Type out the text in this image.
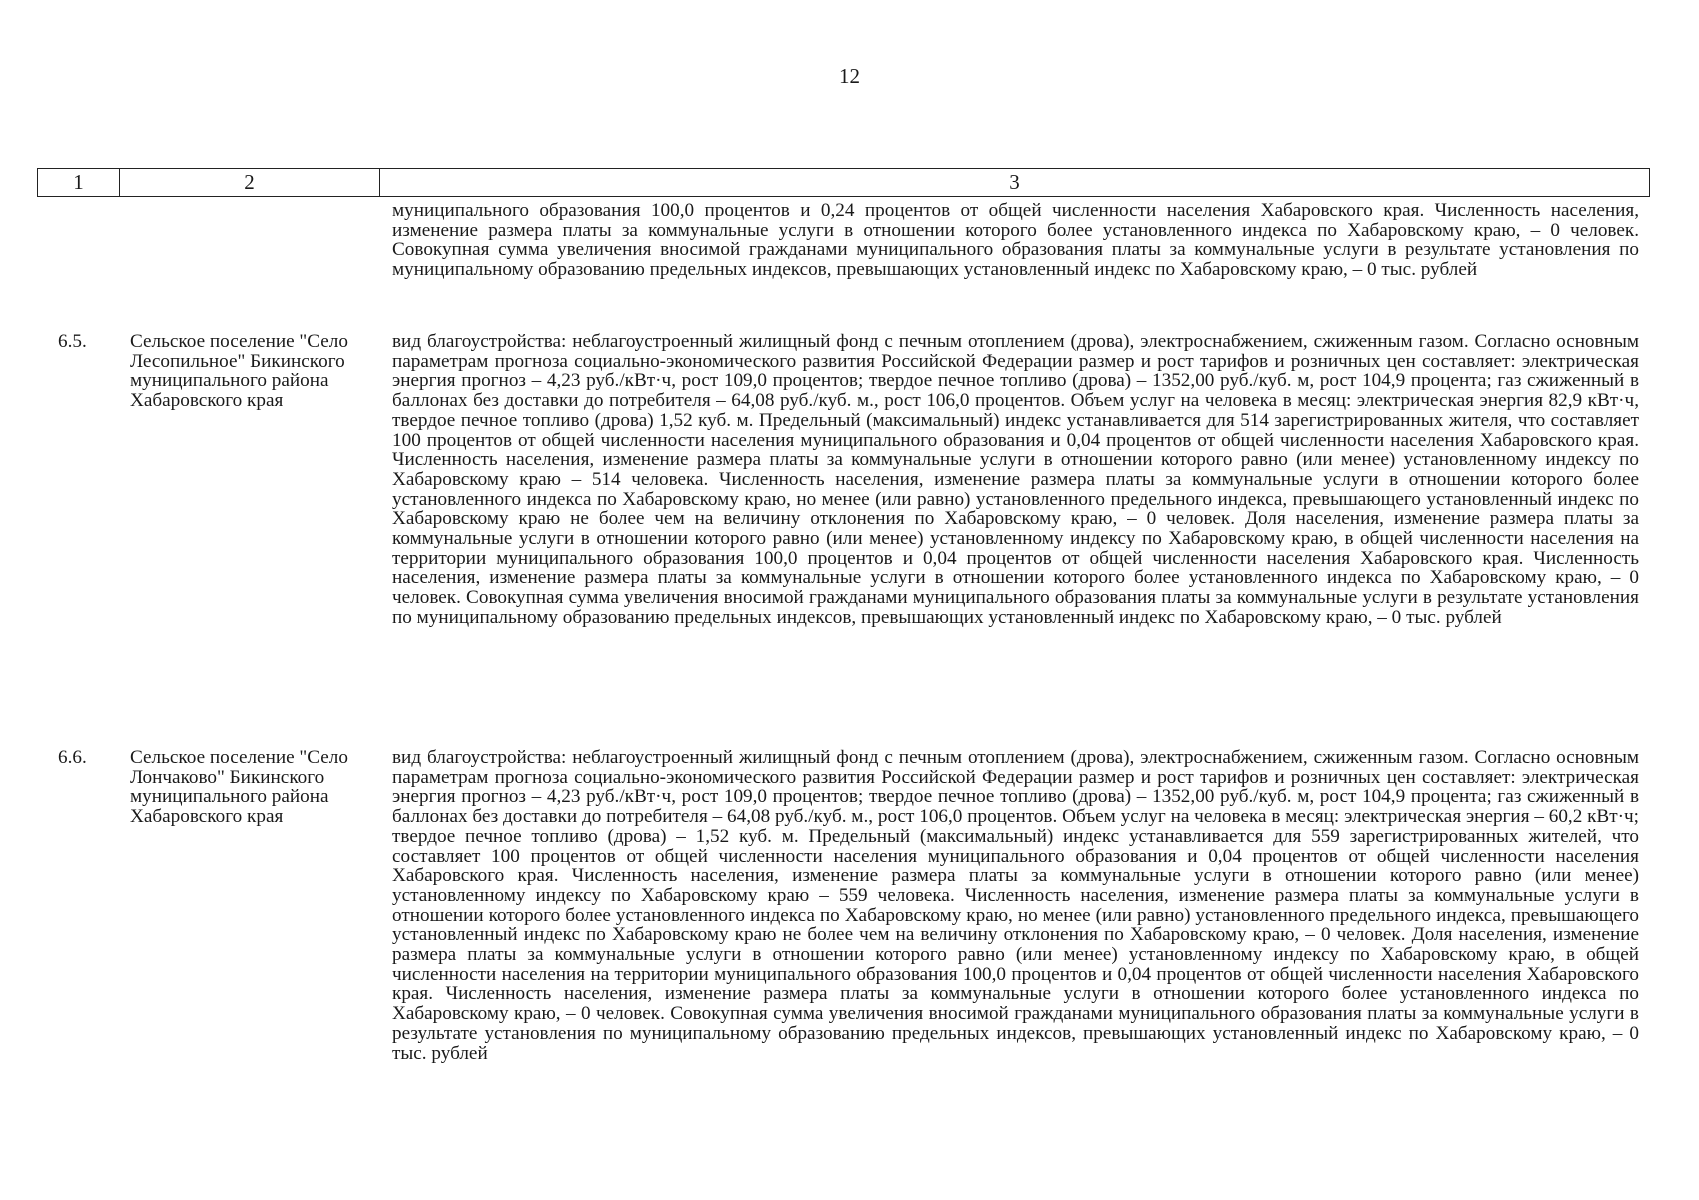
12
1	2	3
муниципального образования 100,0 процентов и 0,24 процентов от общей численности населения Хабаровского края. Численность населения, изменение размера платы за коммунальные услуги в отношении которого более установленного индекса по Хабаровскому краю, – 0 человек. Совокупная сумма увеличения вносимой гражданами муниципального образования платы за коммунальные услуги в результате установления по муниципальному образованию предельных индексов, превышающих установленный индекс по Хабаровскому краю, – 0 тыс. рублей
6.5. Сельское поселение "Село Лесопильное" Бикинского муниципального района Хабаровского края
вид благоустройства: неблагоустроенный жилищный фонд с печным отоплением (дрова), электроснабжением, сжиженным газом. Согласно основным параметрам прогноза социально-экономического развития Российской Федерации размер и рост тарифов и розничных цен составляет: электрическая энергия прогноз – 4,23 руб./кВт·ч, рост 109,0 процентов; твердое печное топливо (дрова) – 1352,00 руб./куб. м, рост 104,9 процента; газ сжиженный в баллонах без доставки до потребителя – 64,08 руб./куб. м., рост 106,0 процентов. Объем услуг на человека в месяц: электрическая энергия 82,9 кВт·ч, твердое печное топливо (дрова) 1,52 куб. м. Предельный (максимальный) индекс устанавливается для 514 зарегистрированных жителя, что составляет 100 процентов от общей численности населения муниципального образования и 0,04 процентов от общей численности населения Хабаровского края. Численность населения, изменение размера платы за коммунальные услуги в отношении которого равно (или менее) установленному индексу по Хабаровскому краю – 514 человека. Численность населения, изменение размера платы за коммунальные услуги в отношении которого более установленного индекса по Хабаровскому краю, но менее (или равно) установленного предельного индекса, превышающего установленный индекс по Хабаровскому краю не более чем на величину отклонения по Хабаровскому краю, – 0 человек. Доля населения, изменение размера платы за коммунальные услуги в отношении которого равно (или менее) установленному индексу по Хабаровскому краю, в общей численности населения на территории муниципального образования 100,0 процентов и 0,04 процентов от общей численности населения Хабаровского края. Численность населения, изменение размера платы за коммунальные услуги в отношении которого более установленного индекса по Хабаровскому краю, – 0 человек. Совокупная сумма увеличения вносимой гражданами муниципального образования платы за коммунальные услуги в результате установления по муниципальному образованию предельных индексов, превышающих установленный индекс по Хабаровскому краю, – 0 тыс. рублей
6.6. Сельское поселение "Село Лончаково" Бикинского муниципального района Хабаровского края
вид благоустройства: неблагоустроенный жилищный фонд с печным отоплением (дрова), электроснабжением, сжиженным газом. Согласно основным параметрам прогноза социально-экономического развития Российской Федерации размер и рост тарифов и розничных цен составляет: электрическая энергия прогноз – 4,23 руб./кВт·ч, рост 109,0 процентов; твердое печное топливо (дрова) – 1352,00 руб./куб. м, рост 104,9 процента; газ сжиженный в баллонах без доставки до потребителя – 64,08 руб./куб. м., рост 106,0 процентов. Объем услуг на человека в месяц: электрическая энергия – 60,2 кВт·ч; твердое печное топливо (дрова) – 1,52 куб. м. Предельный (максимальный) индекс устанавливается для 559 зарегистрированных жителей, что составляет 100 процентов от общей численности населения муниципального образования и 0,04 процентов от общей численности населения Хабаровского края. Численность населения, изменение размера платы за коммунальные услуги в отношении которого равно (или менее) установленному индексу по Хабаровскому краю – 559 человека. Численность населения, изменение размера платы за коммунальные услуги в отношении которого более установленного индекса по Хабаровскому краю, но менее (или равно) установленного предельного индекса, превышающего установленный индекс по Хабаровскому краю не более чем на величину отклонения по Хабаровскому краю, – 0 человек. Доля населения, изменение размера платы за коммунальные услуги в отношении которого равно (или менее) установленному индексу по Хабаровскому краю, в общей численности населения на территории муниципального образования 100,0 процентов и 0,04 процентов от общей численности населения Хабаровского края. Численность населения, изменение размера платы за коммунальные услуги в отношении которого более установленного индекса по Хабаровскому краю, – 0 человек. Совокупная сумма увеличения вносимой гражданами муниципального образования платы за коммунальные услуги в результате установления по муниципальному образованию предельных индексов, превышающих установленный индекс по Хабаровскому краю, – 0 тыс. рублей
